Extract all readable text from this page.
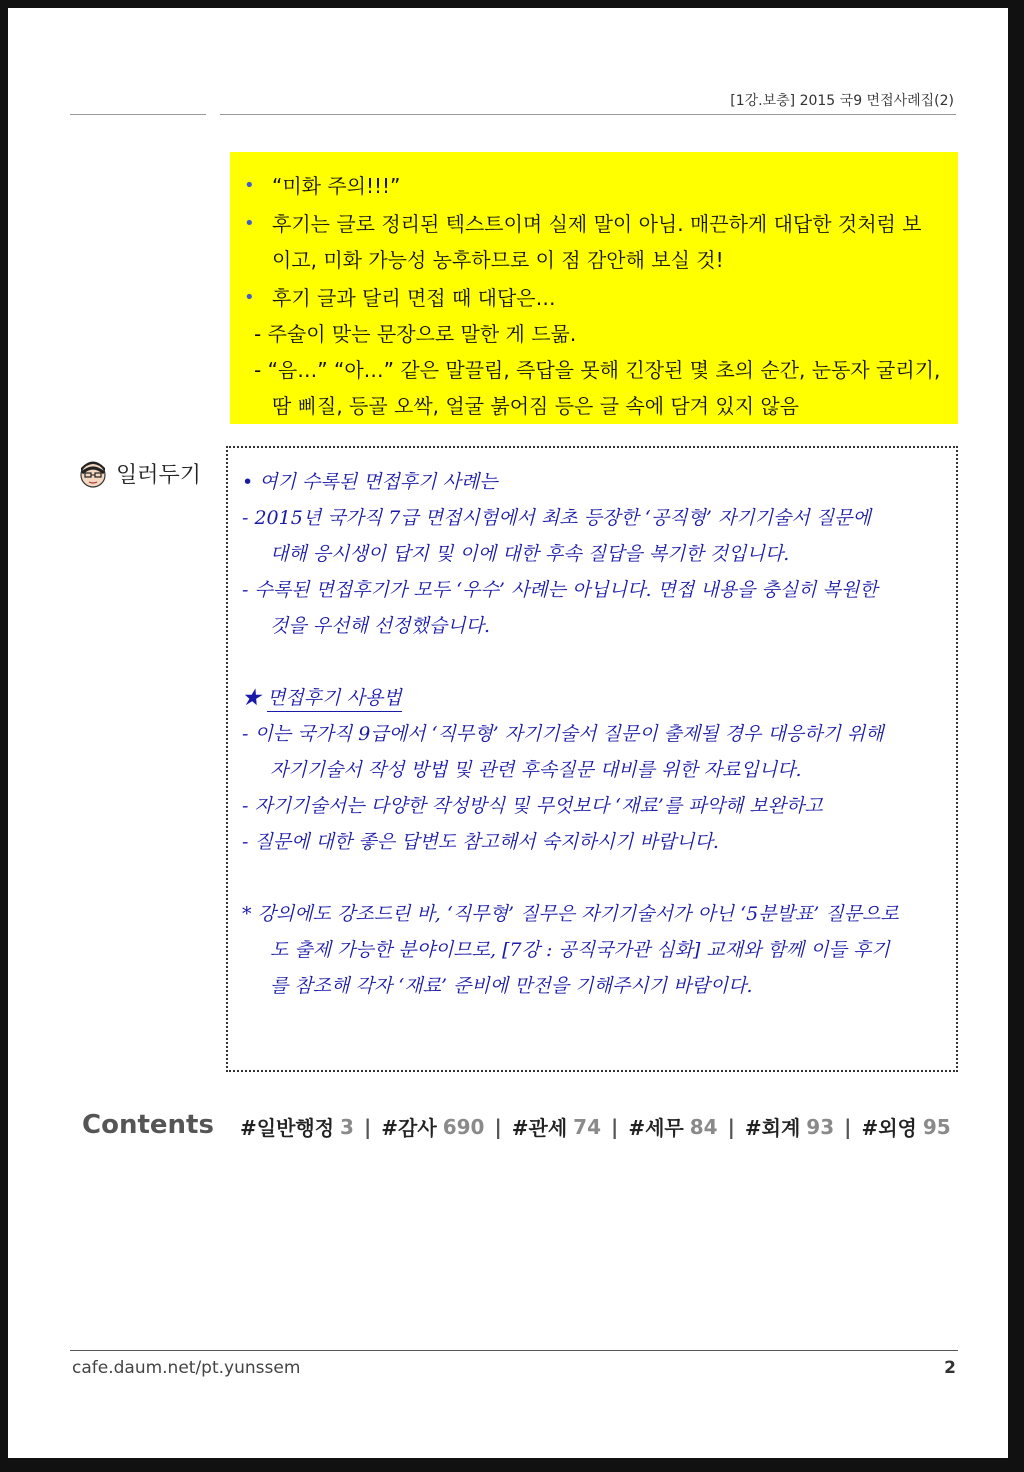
[1강.보충] 2015 국9 면접사례집(2)
• “미화 주의!!!”
• 후기는 글로 정리된 텍스트이며 실제 말이 아님. 매끈하게 대답한 것처럼 보
이고, 미화 가능성 농후하므로 이 점 감안해 보실 것!
• 후기 글과 달리 면접 때 대답은…
- 주술이 맞는 문장으로 말한 게 드묾.
- “음…” “아…” 같은 말끌림, 즉답을 못해 긴장된 몇 초의 순간, 눈동자 굴리기,
땀 삐질, 등골 오싹, 얼굴 붉어짐 등은 글 속에 담겨 있지 않음
일러두기 • 여기 수록된 면접후기 사례는
- 2015년 국가직 7급 면접시험에서 최초 등장한 ‘공직형’ 자기기술서 질문에
대해 응시생이 답지 및 이에 대한 후속 질답을 복기한 것입니다.
- 수록된 면접후기가 모두 ‘우수’ 사례는 아닙니다. 면접 내용을 충실히 복원한
것을 우선해 선정했습니다.
★ 면접후기 사용법
- 이는 국가직 9급에서 ‘직무형’ 자기기술서 질문이 출제될 경우 대응하기 위해
자기기술서 작성 방법 및 관련 후속질문 대비를 위한 자료입니다.
- 자기기술서는 다양한 작성방식 및 무엇보다 ‘재료’를 파악해 보완하고
- 질문에 대한 좋은 답변도 참고해서 숙지하시기 바랍니다.
* 강의에도 강조드린 바, ‘직무형’ 질무은 자기기술서가 아닌 ‘5분발표’ 질문으로
도 출제 가능한 분야이므로, [7강 : 공직국가관 심화] 교재와 함께 이들 후기
를 참조해 각자 ‘재료’ 준비에 만전을 기해주시기 바람이다.
Contents #일반행정 3 | #감사 690 | #관세 74 | #세무 84 | #회계 93 | #외영 95
cafe.daum.net/pt.yunssem	2
